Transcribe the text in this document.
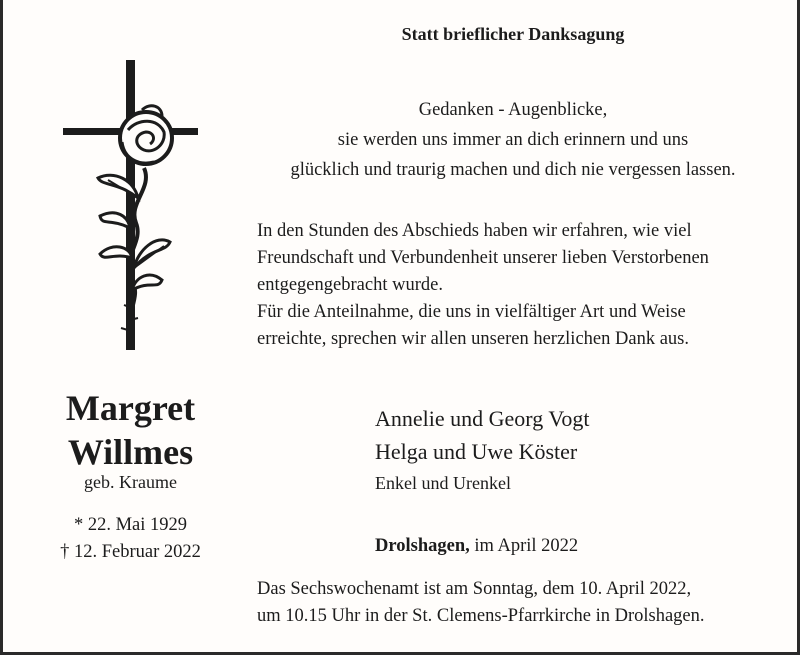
Statt brieflicher Danksagung
Gedanken - Augenblicke,
sie werden uns immer an dich erinnern und uns
glücklich und traurig machen und dich nie vergessen lassen.
In den Stunden des Abschieds haben wir erfahren, wie viel
Freundschaft und Verbundenheit unserer lieben Verstorbenen
entgegengebracht wurde.
Für die Anteilnahme, die uns in vielfältiger Art und Weise
erreichte, sprechen wir allen unseren herzlichen Dank aus.
Margret
Willmes
geb. Kraume
* 22. Mai 1929
† 12. Februar 2022
Annelie und Georg Vogt
Helga und Uwe Köster
Enkel und Urenkel
Drolshagen, im April 2022
Das Sechswochenamt ist am Sonntag, dem 10. April 2022,
um 10.15 Uhr in der St. Clemens-Pfarrkirche in Drolshagen.
